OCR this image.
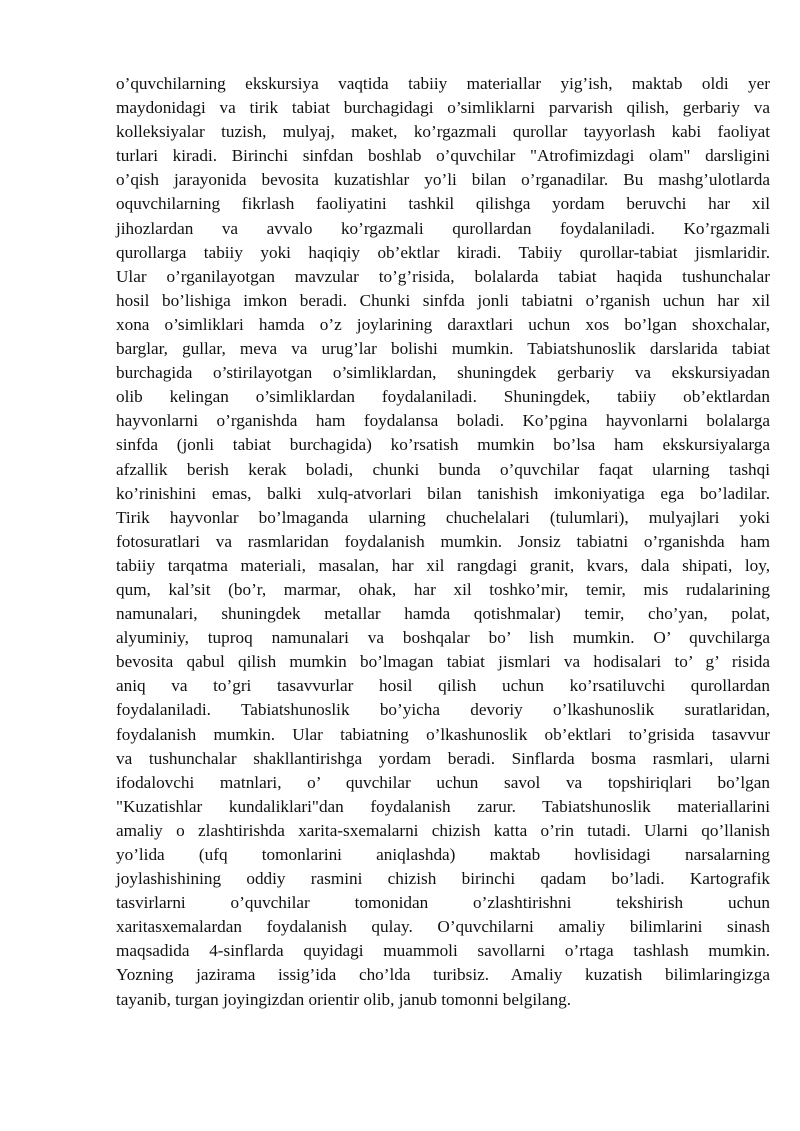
o’quvchilarning ekskursiya vaqtida tabiiy materiallar yig’ish, maktab oldi yer
maydonidagi va tirik tabiat burchagidagi o’simliklarni parvarish qilish, gerbariy va
kolleksiyalar tuzish, mulyaj, maket, ko’rgazmali qurollar tayyorlash kabi faoliyat
turlari kiradi. Birinchi sinfdan boshlab o’quvchilar "Atrofimizdagi olam" darsligini
o’qish jarayonida bevosita kuzatishlar yo’li bilan o’rganadilar. Bu mashg’ulotlarda
oquvchilarning fikrlash faoliyatini tashkil qilishga yordam beruvchi har xil
jihozlardan va avvalo ko’rgazmali qurollardan foydalaniladi. Ko’rgazmali
qurollarga tabiiy yoki haqiqiy ob’ektlar kiradi. Tabiiy qurollar-tabiat jismlaridir.
Ular o’rganilayotgan mavzular to’g’risida, bolalarda tabiat haqida tushunchalar
hosil bo’lishiga imkon beradi. Chunki sinfda jonli tabiatni o’rganish uchun har xil
xona o’simliklari hamda o’z joylarining daraxtlari uchun xos bo’lgan shoxchalar,
barglar, gullar, meva va urug’lar bolishi mumkin. Tabiatshunoslik darslarida tabiat
burchagida o’stirilayotgan o’simliklardan, shuningdek gerbariy va ekskursiyadan
olib kelingan o’simliklardan foydalaniladi. Shuningdek, tabiiy ob’ektlardan
hayvonlarni o’rganishda ham foydalansa boladi. Ko’pgina hayvonlarni bolalarga
sinfda (jonli tabiat burchagida) ko’rsatish mumkin bo’lsa ham ekskursiyalarga
afzallik berish kerak boladi, chunki bunda o’quvchilar faqat ularning tashqi
ko’rinishini emas, balki xulq-atvorlari bilan tanishish imkoniyatiga ega bo’ladilar.
Tirik hayvonlar bo’lmaganda ularning chuchelalari (tulumlari), mulyajlari yoki
fotosuratlari va rasmlaridan foydalanish mumkin. Jonsiz tabiatni o’rganishda ham
tabiiy tarqatma materiali, masalan, har xil rangdagi granit, kvars, dala shipati, loy,
qum, kal’sit (bo’r, marmar, ohak, har xil toshko’mir, temir, mis rudalarining
namunalari, shuningdek metallar hamda qotishmalar) temir, cho’yan, polat,
alyuminiy, tuproq namunalari va boshqalar bo’ lish mumkin. O’ quvchilarga
bevosita qabul qilish mumkin bo’lmagan tabiat jismlari va hodisalari to’ g’ risida
aniq va to’gri tasavvurlar hosil qilish uchun ko’rsatiluvchi qurollardan
foydalaniladi. Tabiatshunoslik bo’yicha devoriy o’lkashunoslik suratlaridan,
foydalanish mumkin. Ular tabiatning o’lkashunoslik ob’ektlari to’grisida tasavvur
va tushunchalar shakllantirishga yordam beradi. Sinflarda bosma rasmlari, ularni
ifodalovchi matnlari, o’ quvchilar uchun savol va topshiriqlari bo’lgan
"Kuzatishlar kundaliklari"dan foydalanish zarur. Tabiatshunoslik materiallarini
amaliy o zlashtirishda xarita-sxemalarni chizish katta o’rin tutadi. Ularni qo’llanish
yo’lida (ufq tomonlarini aniqlashda) maktab hovlisidagi narsalarning
joylashishining oddiy rasmini chizish birinchi qadam bo’ladi. Kartografik
tasvirlarni o’quvchilar tomonidan o’zlashtirishni tekshirish uchun
xaritasxemalardan foydalanish qulay. O’quvchilarni amaliy bilimlarini sinash
maqsadida 4-sinflarda quyidagi muammoli savollarni o’rtaga tashlash mumkin.
Yozning jazirama issig’ida cho’lda turibsiz. Amaliy kuzatish bilimlaringizga
tayanib, turgan joyingizdan orientir olib, janub tomonni belgilang.
